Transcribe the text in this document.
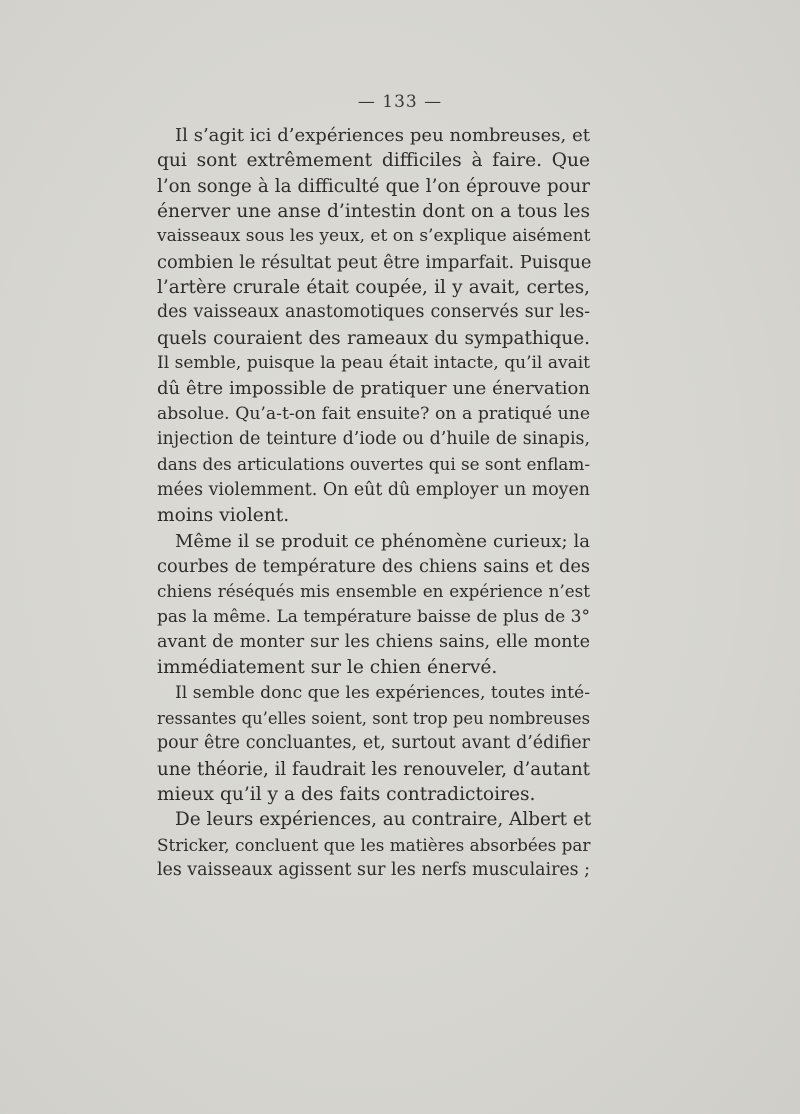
— 133 —

Il s’agit ici d’expériences peu nombreuses, et
qui sont extrêmement difficiles à faire. Que
l’on songe à la difficulté que l’on éprouve pour
énerver une anse d’intestin dont on a tous les
vaisseaux sous les yeux, et on s’explique aisément
combien le résultat peut être imparfait. Puisque
l’artère crurale était coupée, il y avait, certes,
des vaisseaux anastomotiques conservés sur les-
quels couraient des rameaux du sympathique.
Il semble, puisque la peau était intacte, qu’il avait
dû être impossible de pratiquer une énervation
absolue. Qu’a-t-on fait ensuite? on a pratiqué une
injection de teinture d’iode ou d’huile de sinapis,
dans des articulations ouvertes qui se sont enflam-
mées violemment. On eût dû employer un moyen
moins violent.

Même il se produit ce phénomène curieux; la
courbes de température des chiens sains et des
chiens réséqués mis ensemble en expérience n’est
pas la même. La température baisse de plus de 3°
avant de monter sur les chiens sains, elle monte
immédiatement sur le chien énervé.

Il semble donc que les expériences, toutes inté-
ressantes qu’elles soient, sont trop peu nombreuses
pour être concluantes, et, surtout avant d’édifier
une théorie, il faudrait les renouveler, d’autant
mieux qu’il y a des faits contradictoires.

De leurs expériences, au contraire, Albert et
Stricker, concluent que les matières absorbées par
les vaisseaux agissent sur les nerfs musculaires ;
